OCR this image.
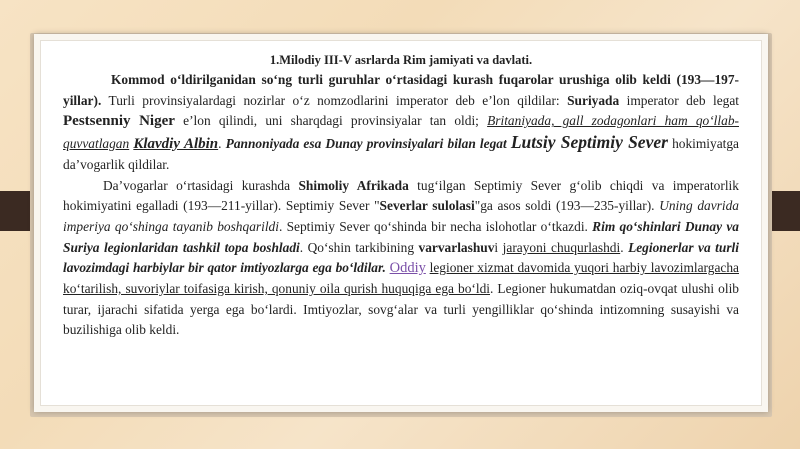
1.Milodiy III-V asrlarda Rim jamiyati va davlati.

Kommod o‘ldirilganidan so‘ng turli guruhlar o‘rtasidagi kurash fuqarolar urushiga olib keldi (193—197-yillar). Turli provinsiyalardagi nozirlar o‘z nomzodlarini imperator deb e’lon qildilar: Suriyada imperator deb legat Pestsenniy Niger e’lon qilindi, uni sharqdagi provinsiyalar tan oldi; Britaniyada, gall zodagonlari ham qo‘llab-quvvatlagan Klavdiy Albin. Pannoniyada esa Dunay provinsiyalari bilan legat Lutsiy Septimiy Sever hokimiyatga da’vogarlik qildilar.

Da’vogarlar o‘rtasidagi kurashda Shimoliy Afrikada tug‘ilgan Septimiy Sever g‘olib chiqdi va imperatorlik hokimiyatini egalladi (193—211-yillar). Septimiy Sever "Severlar sulolasi"ga asos soldi (193—235-yillar). Uning davrida imperiya qo‘shinga tayanib boshqarildi. Septimiy Sever qo‘shinda bir necha islohotlar o‘tkazdi. Rim qo‘shinlari Dunay va Suriya legionlaridan tashkil topa boshladi. Qo‘shin tarkibining varvarlashuvi jarayoni chuqurlashdi. Legionerlar va turli lavozimdagi harbiylar bir qator imtiyozlarga ega bo‘ldilar. Oddiy legioner xizmat davomida yuqori harbiy lavozimlargacha ko‘tarilish, suvoriylar toifasiga kirish, qonuniy oila qurish huquqiga ega bo‘ldi. Legioner hukumatdan oziq-ovqat ulushi olib turar, ijarachi sifatida yerga ega bo‘lardi. Imtiyozlar, sovg‘alar va turli yengilliklar qo‘shinda intizomning susayishi va buzilishiga olib keldi.
